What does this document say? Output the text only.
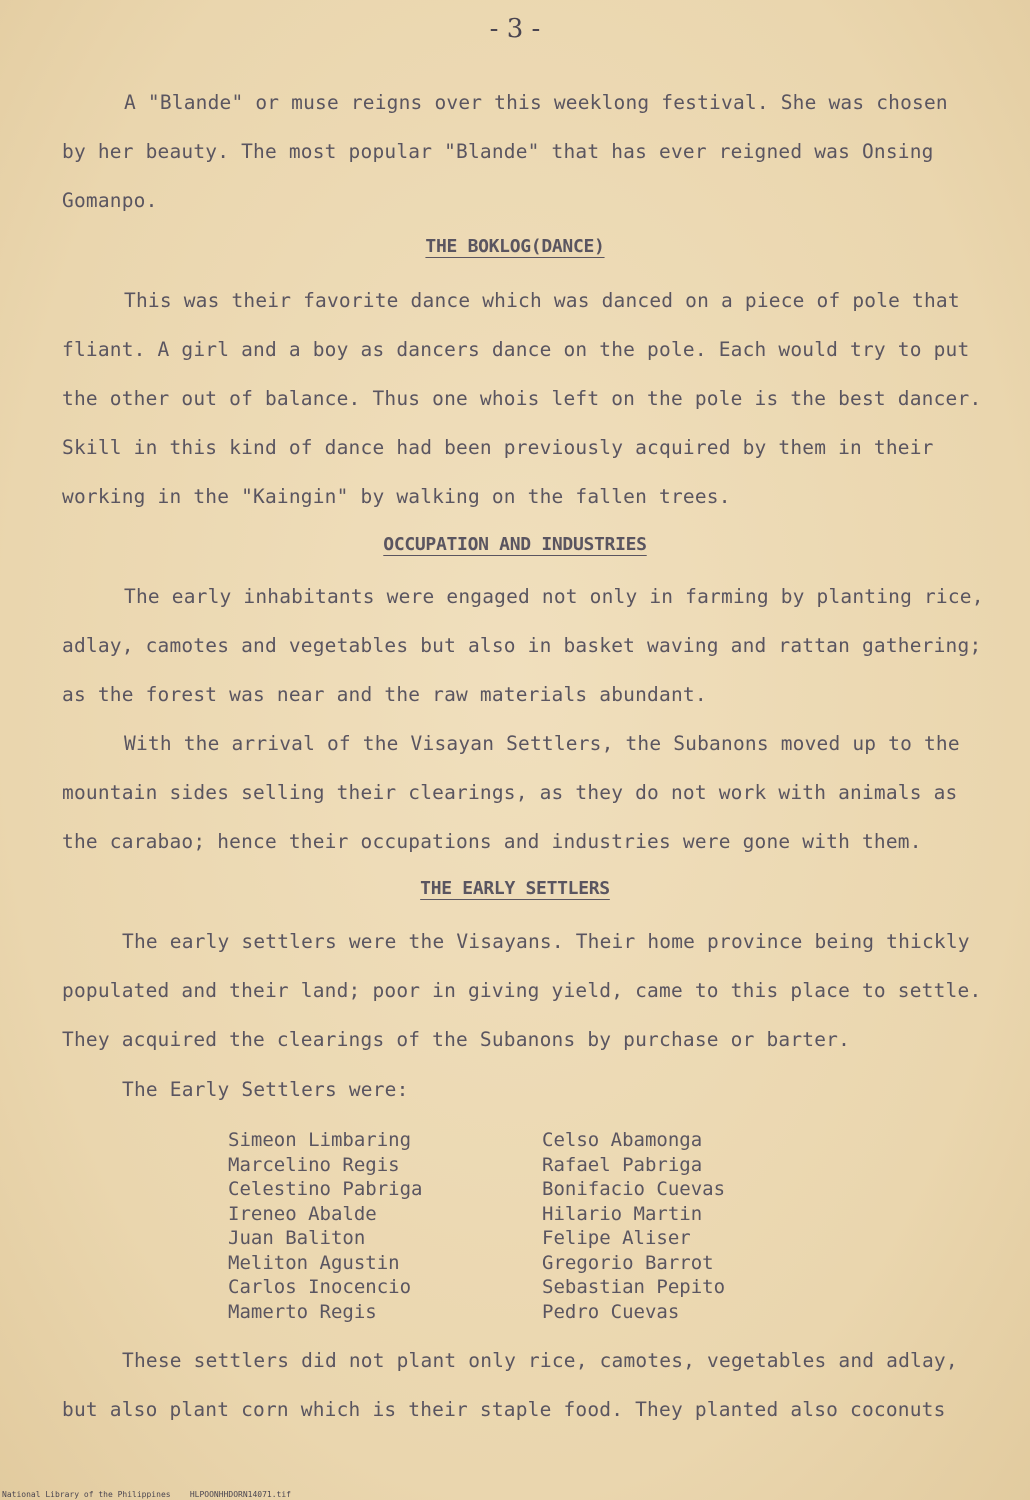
- 3 -

A "Blande" or muse reigns over this weeklong festival. She was chosen
by her beauty. The most popular "Blande" that has ever reigned was Onsing
Gomanpo.

THE BOKLOG(DANCE)

This was their favorite dance which was danced on a piece of pole that
fliant. A girl and a boy as dancers dance on the pole. Each would try to put
the other out of balance. Thus one whois left on the pole is the best dancer.
Skill in this kind of dance had been previously acquired by them in their
working in the "Kaingin" by walking on the fallen trees.

OCCUPATION AND INDUSTRIES

The early inhabitants were engaged not only in farming by planting rice,
adlay, camotes and vegetables but also in basket waving and rattan gathering;
as the forest was near and the raw materials abundant.

With the arrival of the Visayan Settlers, the Subanons moved up to the
mountain sides selling their clearings, as they do not work with animals as
the carabao; hence their occupations and industries were gone with them.

THE EARLY SETTLERS

The early settlers were the Visayans. Their home province being thickly
populated and their land; poor in giving yield, came to this place to settle.
They acquired the clearings of the Subanons by purchase or barter.

The Early Settlers were:

Simeon Limbaring
Marcelino Regis
Celestino Pabriga
Ireneo Abalde
Juan Baliton
Meliton Agustin
Carlos Inocencio
Mamerto Regis
Celso Abamonga
Rafael Pabriga
Bonifacio Cuevas
Hilario Martin
Felipe Aliser
Gregorio Barrot
Sebastian Pepito
Pedro Cuevas

These settlers did not plant only rice, camotes, vegetables and adlay,
but also plant corn which is their staple food. They planted also coconuts

National Library of the Philippines    HLPOONHHDORN14071.tif
